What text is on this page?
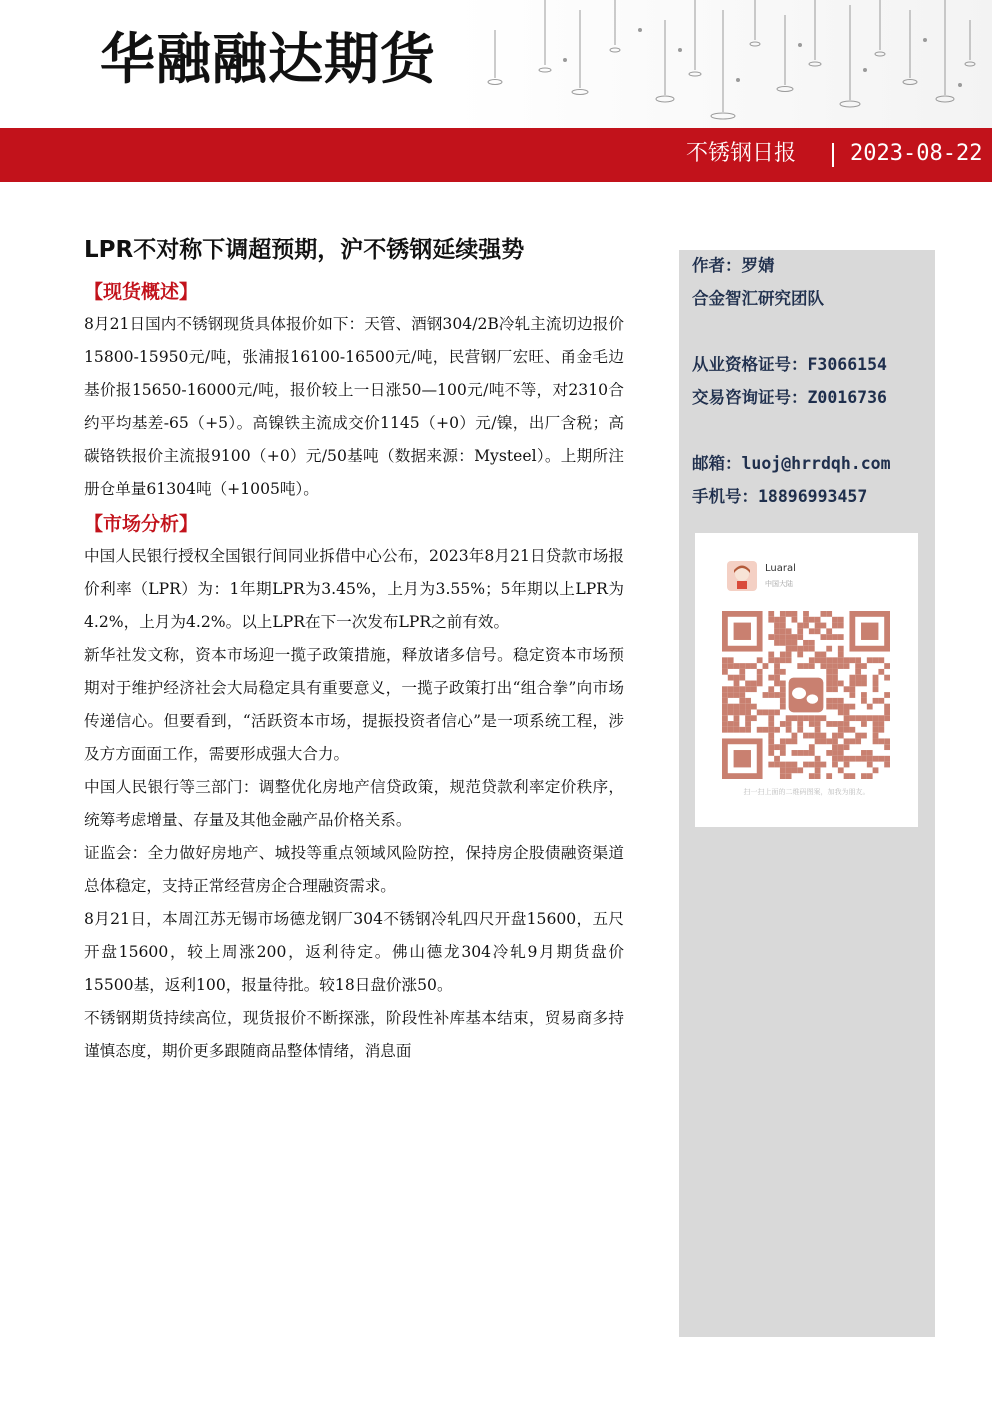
华融融达期货
不锈钢日报 2023-08-22
LPR不对称下调超预期，沪不锈钢延续强势
【现货概述】

8月21日国内不锈钢现货具体报价如下：天管、酒钢304/2B冷轧主流切边报价15800-15950元/吨，张浦报16100-16500元/吨，民营钢厂宏旺、甬金毛边基价报15650-16000元/吨，报价较上一日涨50—100元/吨不等，对2310合约平均基差-65（+5）。高镍铁主流成交价1145（+0）元/镍，出厂含税；高碳铬铁报价主流报9100（+0）元/50基吨（数据来源：Mysteel）。上期所注册仓单量61304吨（+1005吨）。

【市场分析】

中国人民银行授权全国银行间同业拆借中心公布，2023年8月21日贷款市场报价利率（LPR）为：1年期LPR为3.45%，上月为3.55%；5年期以上LPR为4.2%，上月为4.2%。以上LPR在下一次发布LPR之前有效。

新华社发文称，资本市场迎一揽子政策措施，释放诸多信号。稳定资本市场预期对于维护经济社会大局稳定具有重要意义，一揽子政策打出“组合拳”向市场传递信心。但要看到，“活跃资本市场，提振投资者信心”是一项系统工程，涉及方方面面工作，需要形成强大合力。

中国人民银行等三部门：调整优化房地产信贷政策，规范贷款利率定价秩序，统筹考虑增量、存量及其他金融产品价格关系。

证监会：全力做好房地产、城投等重点领域风险防控，保持房企股债融资渠道总体稳定，支持正常经营房企合理融资需求。

8月21日，本周江苏无锡市场德龙钢厂304不锈钢冷轧四尺开盘15600，五尺开盘15600，较上周涨200，返利待定。佛山德龙304冷轧9月期货盘价15500基，返利100，报量待批。较18日盘价涨50。

不锈钢期货持续高位，现货报价不断探涨，阶段性补库基本结束，贸易商多持谨慎态度，期价更多跟随商品整体情绪，消息面

作者：罗婧
合金智汇研究团队
从业资格证号：F3066154
交易咨询证号：Z0016736
邮箱：luoj@hrrdqh.com
手机号：18896993457
Luaral
中国大陆
扫一扫上面的二维码图案，加我为朋友。
